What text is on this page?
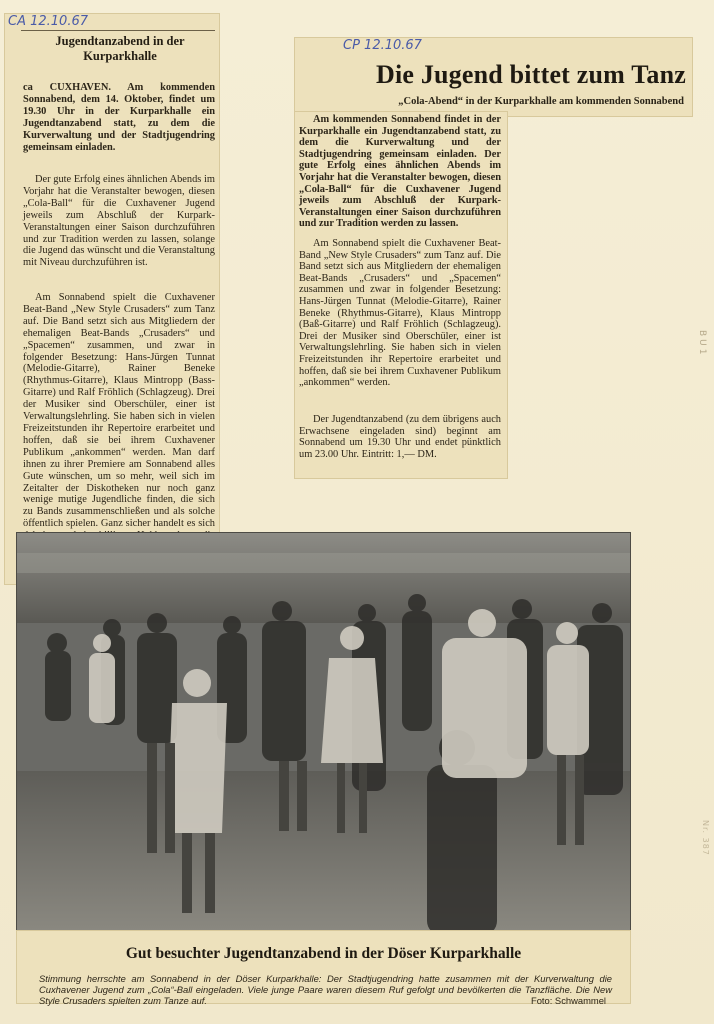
CA 12.10.67
Jugendtanzabend in der Kurparkhalle
ca CUXHAVEN. Am kommenden Sonnabend, dem 14. Oktober, findet um 19.30 Uhr in der Kurparkhalle ein Jugendtanzabend statt, zu dem die Kurverwaltung und der Stadtjugendring gemeinsam einladen.
Der gute Erfolg eines ähnlichen Abends im Vorjahr hat die Veranstalter bewogen, diesen „Cola-Ball“ für die Cuxhavener Jugend jeweils zum Abschluß der Kurpark-Veranstaltungen einer Saison durchzuführen und zur Tradition werden zu lassen, solange die Jugend das wünscht und die Veranstaltung mit Niveau durchzuführen ist.
Am Sonnabend spielt die Cuxhavener Beat-Band „New Style Crusaders“ zum Tanz auf. Die Band setzt sich aus Mitgliedern der ehemaligen Beat-Bands „Crusaders“ und „Spacemen“ zusammen, und zwar in folgender Besetzung: Hans-Jürgen Tunnat (Melodie-Gitarre), Rainer Beneke (Rhythmus-Gitarre), Klaus Mintropp (Bass-Gitarre) und Ralf Fröhlich (Schlagzeug). Drei der Musiker sind Oberschüler, einer ist Verwaltungslehrling. Sie haben sich in vielen Freizeitstunden ihr Repertoire erarbeitet und hoffen, daß sie bei ihrem Cuxhavener Publikum „ankommen“ werden. Man darf ihnen zu ihrer Premiere am Sonnabend alles Gute wünschen, um so mehr, weil sich im Zeitalter der Diskotheken nur noch ganz wenige mutige Jugendliche finden, die sich zu Bands zusammenschließen und als solche öffentlich spielen. Ganz sicher handelt es sich
CP 12.10.67
Die Jugend bittet zum Tanz
„Cola-Abend“ in der Kurparkhalle am kommenden Sonnabend
Am kommenden Sonnabend findet in der Kurparkhalle ein Jugendtanzabend statt, zu dem die Kurverwaltung und der Stadtjugendring gemeinsam einladen. Der gute Erfolg eines ähnlichen Abends im Vorjahr hat die Veranstalter bewogen, diesen „Cola-Ball“ für die Cuxhavener Jugend jeweils zum Abschluß der Kurpark-Veranstaltungen einer Saison durchzuführen und zur Tradition werden zu lassen.
Am Sonnabend spielt die Cuxhavener Beat-Band „New Style Crusaders“ zum Tanz auf. Die Band setzt sich aus Mitgliedern der ehemaligen Beat-Bands „Crusaders“ und „Spacemen“ zusammen und zwar in folgender Besetzung: Hans-Jürgen Tunnat (Melodie-Gitarre), Rainer Beneke (Rhythmus-Gitarre), Klaus Mintropp (Baß-Gitarre) und Ralf Fröhlich (Schlagzeug). Drei der Musiker sind Oberschüler, einer ist Verwaltungslehrling. Sie haben sich in vielen Freizeitstunden ihr Repertoire erarbeitet und hoffen, daß sie bei ihrem Cuxhavener Publikum „ankommen“ werden.
Der Jugendtanzabend (zu dem übrigens auch Erwachsene eingeladen sind) beginnt am Sonnabend um 19.30 Uhr und endet pünktlich um 23.00 Uhr. Eintritt: 1,— DM.
BU1
Nr. 387
Gut besuchter Jugendtanzabend in der Döser Kurparkhalle
Stimmung herrschte am Sonnabend in der Döser Kurparkhalle: Der Stadtjugendring hatte zusammen mit der Kurverwaltung die Cuxhavener Jugend zum „Cola“-Ball eingeladen. Viele junge Paare waren diesem Ruf gefolgt und bevölkerten die Tanzfläche. Die New Style Crusaders spielten zum Tanze auf.	Foto: Schwammel
